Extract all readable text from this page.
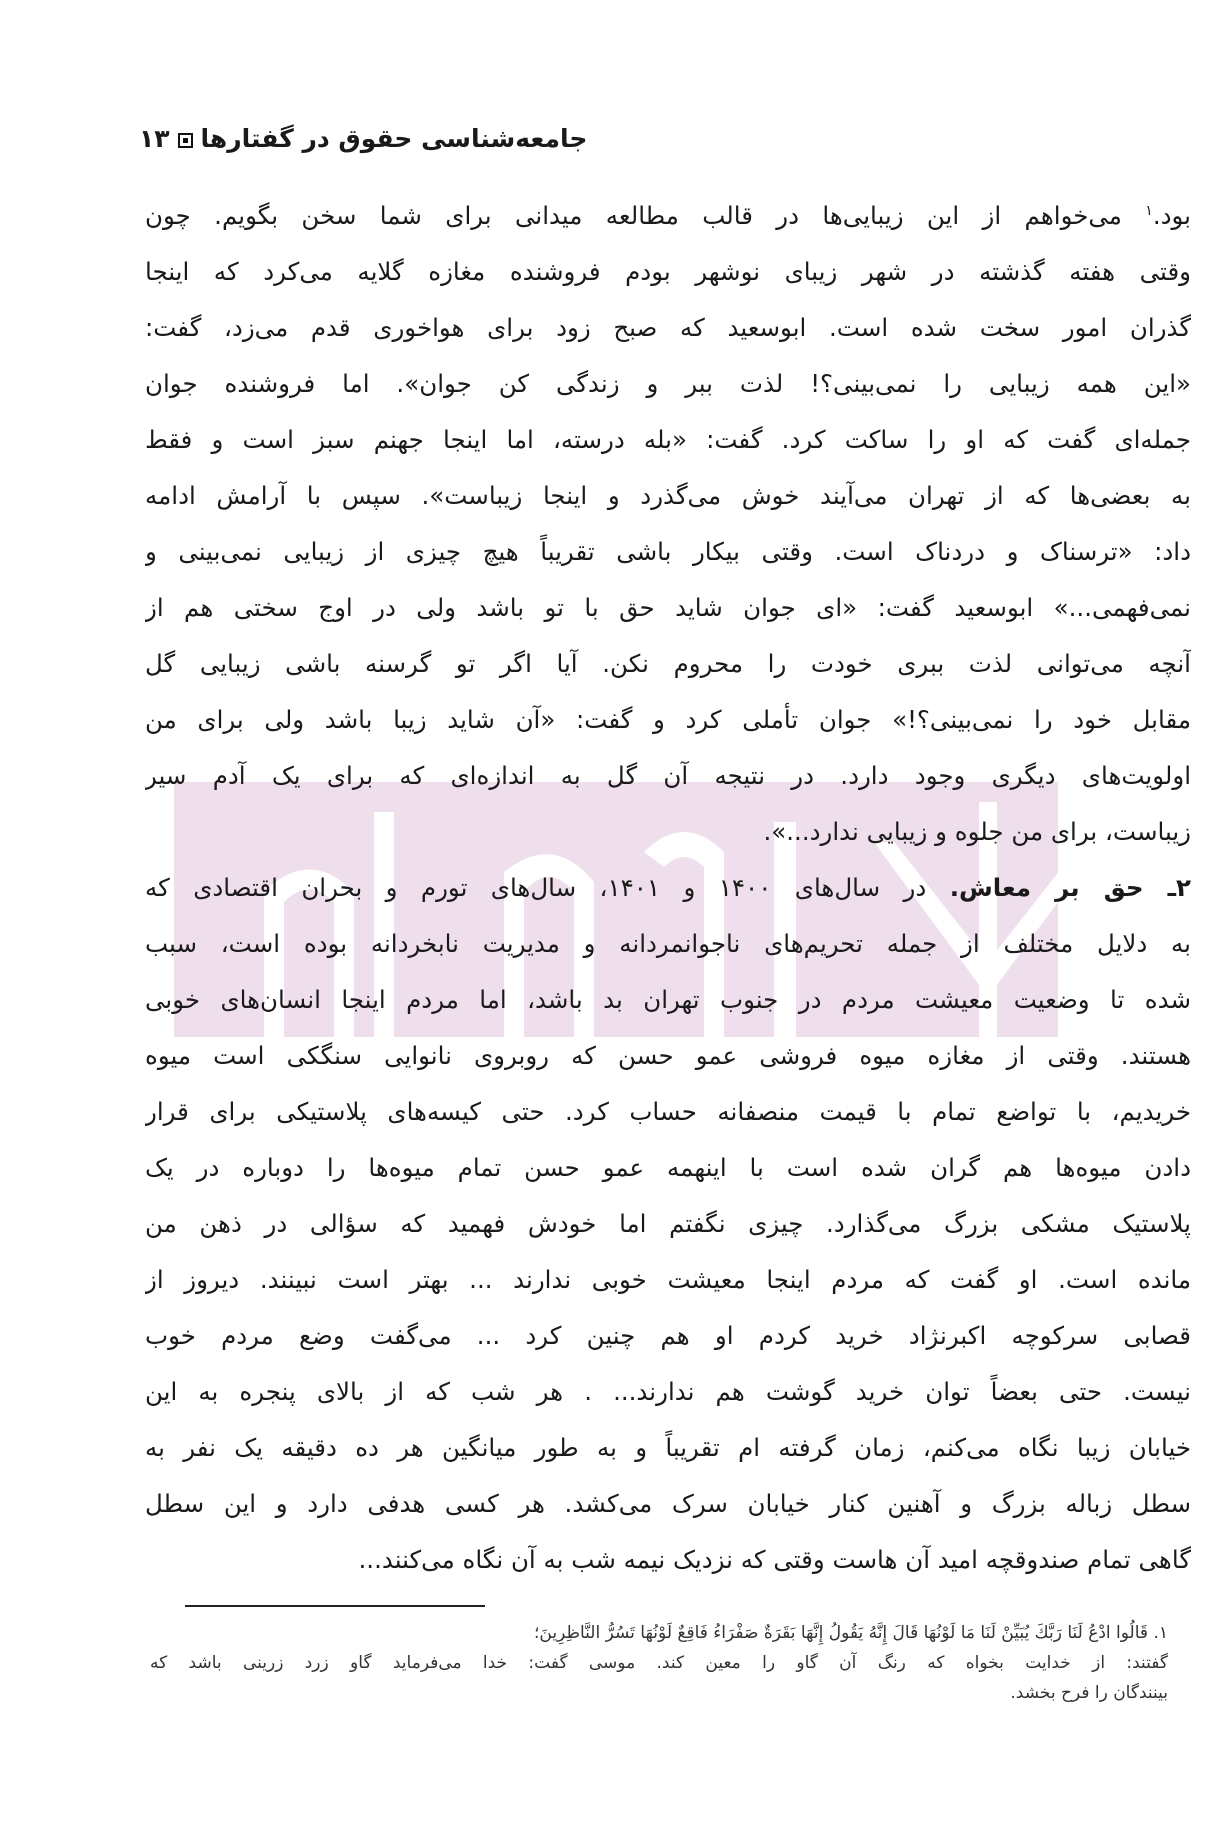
جامعه‌شناسی حقوق در گفتارها۱۳
بود.$^۱$ می‌خواهم از این زیبایی‌ها در قالب مطالعه میدانی برای شما سخن بگویم. چون
وقتی هفته گذشته در شهر زیبای نوشهر بودم فروشنده مغازه گلایه می‌کرد که اینجا
گذران امور سخت شده است. ابوسعید که صبح زود برای هواخوری قدم می‌زد، گفت:
«این همه زیبایی را نمی‌بینی؟! لذت ببر و زندگی کن جوان». اما فروشنده جوان
جمله‌ای گفت که او را ساکت کرد. گفت: «بله درسته، اما اینجا جهنم سبز است و فقط
به بعضی‌ها که از تهران می‌آیند خوش می‌گذرد و اینجا زیباست». سپس با آرامش ادامه
داد: «ترسناک و دردناک است. وقتی بیکار باشی تقریباً هیچ چیزی از زیبایی نمی‌بینی و
نمی‌فهمی...» ابوسعید گفت: «ای جوان شاید حق با تو باشد ولی در اوج سختی هم از
آنچه می‌توانی لذت ببری خودت را محروم نکن. آیا اگر تو گرسنه باشی زیبایی گل
مقابل خود را نمی‌بینی؟!» جوان تأملی کرد و گفت: «آن شاید زیبا باشد ولی برای من
اولویت‌های دیگری وجود دارد. در نتیجه آن گل به اندازه‌ای که برای یک آدم سیر
زیباست، برای من جلوه و زیبایی ندارد...».
۲ـ حق بر معاش. در سال‌های ۱۴۰۰ و ۱۴۰۱، سال‌های تورم و بحران اقتصادی که
به دلایل مختلف از جمله تحریم‌های ناجوانمردانه و مدیریت نابخردانه بوده است، سبب
شده تا وضعیت معیشت مردم در جنوب تهران بد باشد، اما مردم اینجا انسان‌های خوبی
هستند. وقتی از مغازه میوه فروشی عمو حسن که روبروی نانوایی سنگکی است میوه
خریدیم، با تواضع تمام با قیمت منصفانه حساب کرد. حتی کیسه‌های پلاستیکی برای قرار
دادن میوه‌ها هم گران شده است با اینهمه عمو حسن تمام میوه‌ها را دوباره در یک
پلاستیک مشکی بزرگ می‌گذارد. چیزی نگفتم اما خودش فهمید که سؤالی در ذهن من
مانده است. او گفت که مردم اینجا معیشت خوبی ندارند ... بهتر است نبینند. دیروز از
قصابی سرکوچه اکبرنژاد خرید کردم او هم چنین کرد ... می‌گفت وضع مردم خوب
نیست. حتی بعضاً توان خرید گوشت هم ندارند... . هر شب که از بالای پنجره به این
خیابان زیبا نگاه می‌کنم، زمان گرفته ام تقریباً و به طور میانگین هر ده دقیقه یک نفر به
سطل زباله بزرگ و آهنین کنار خیابان سرک می‌کشد. هر کسی هدفی دارد و این سطل
گاهی تمام صندوقچه امید آن هاست وقتی که نزدیک نیمه شب به آن نگاه می‌کنند...
۱. قَالُوا ادْعُ لَنَا رَبَّكَ يُبَيِّنْ لَنَا مَا لَوْنُهَا قَالَ إِنَّهُ يَقُولُ إِنَّهَا بَقَرَةٌ صَفْرَاءُ فَاقِعٌ لَوْنُهَا تَسُرُّ النَّاظِرِينَ؛
گفتند: از خدایت بخواه که رنگ آن گاو را معین کند. موسی گفت: خدا می‌فرماید گاو زرد زرینی باشد که
بینندگان را فرح بخشد.
